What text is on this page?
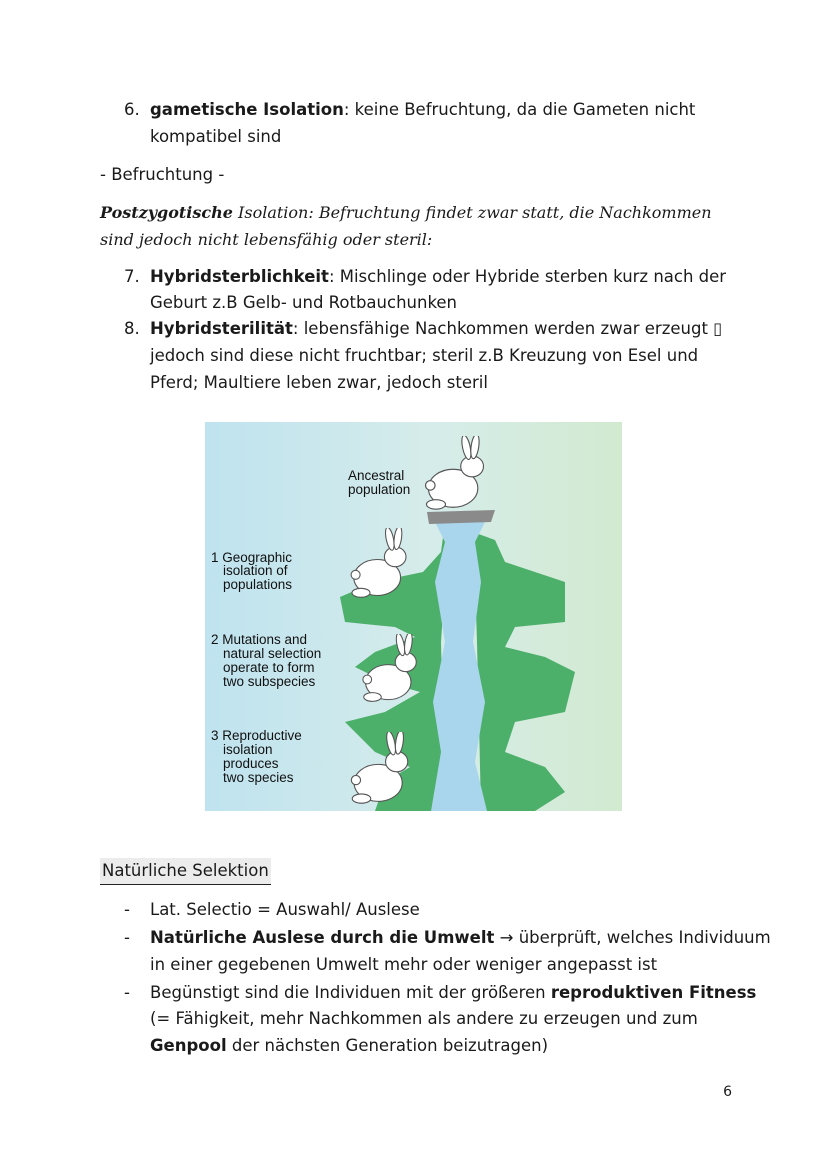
6. gametische Isolation: keine Befruchtung, da die Gameten nicht
kompatibel sind
- Befruchtung -
Postzygotische Isolation: Befruchtung findet zwar statt, die Nachkommen
sind jedoch nicht lebensfähig oder steril:
7. Hybridsterblichkeit: Mischlinge oder Hybride sterben kurz nach der
Geburt z.B Gelb- und Rotbauchunken
8. Hybridsterilität: lebensfähige Nachkommen werden zwar erzeugt ▯
jedoch sind diese nicht fruchtbar; steril z.B Kreuzung von Esel und
Pferd; Maultiere leben zwar, jedoch steril
Ancestral population
1 Geographic isolation of populations
2 Mutations and natural selection operate to form two subspecies
3 Reproductive isolation produces two species
Natürliche Selektion
- Lat. Selectio = Auswahl/ Auslese
- Natürliche Auslese durch die Umwelt → überprüft, welches Individuum
in einer gegebenen Umwelt mehr oder weniger angepasst ist
- Begünstigt sind die Individuen mit der größeren reproduktiven Fitness
(= Fähigkeit, mehr Nachkommen als andere zu erzeugen und zum
Genpool der nächsten Generation beizutragen)
6
